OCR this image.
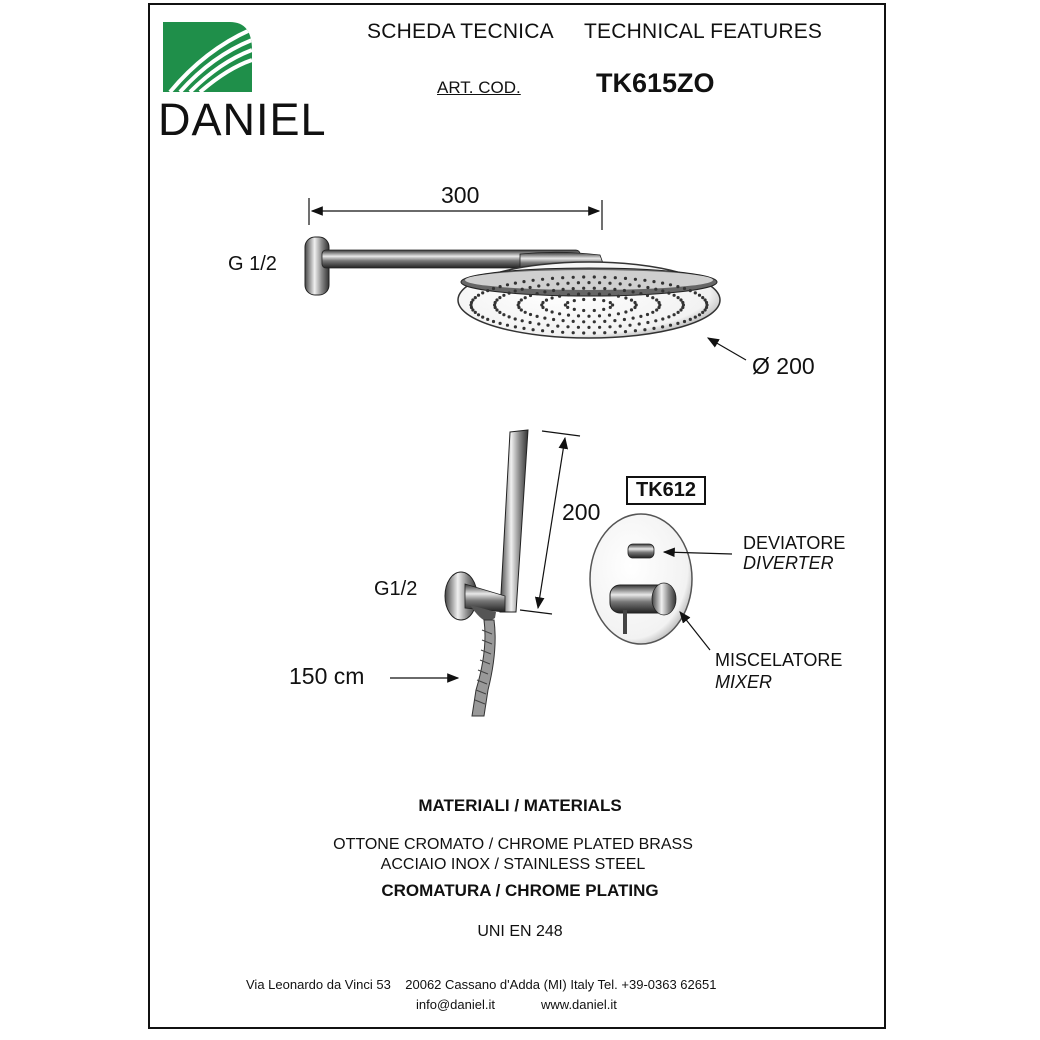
DANIEL
SCHEDA TECNICA TECHNICAL FEATURES
ART. COD.	TK615ZO
300
G 1/2
Ø 200
200
G1/2
150 cm
TK612
DEVIATORE
DIVERTER
MISCELATORE
MIXER
MATERIALI / MATERIALS
OTTONE CROMATO / CHROME PLATED BRASS
ACCIAIO INOX / STAINLESS STEEL
CROMATURA / CHROME PLATING
UNI EN 248
Via Leonardo da Vinci 53    20062 Cassano d'Adda (MI) Italy Tel. +39-0363 62651
info@daniel.it	www.daniel.it
